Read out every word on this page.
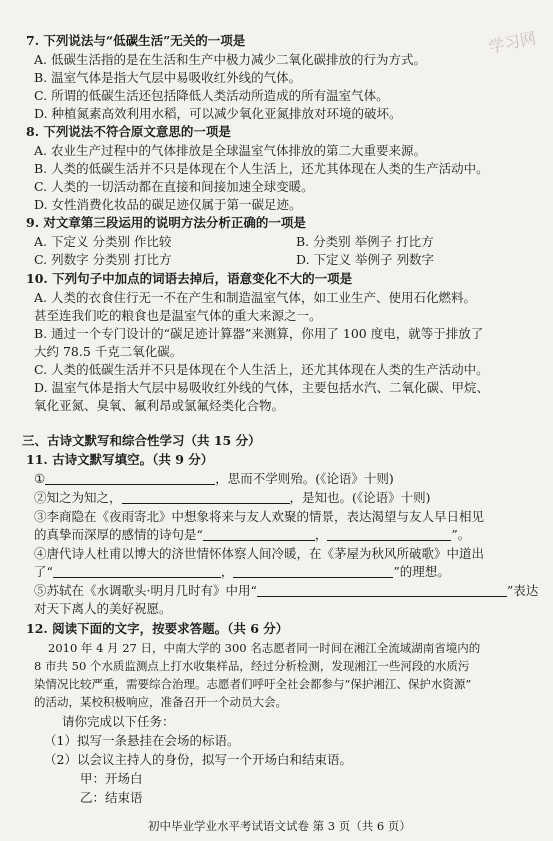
学习网
7. 下列说法与“低碳生活”无关的一项是
A. 低碳生活指的是在生活和生产中极力减少二氧化碳排放的行为方式。
B. 温室气体是指大气层中易吸收红外线的气体。
C. 所谓的低碳生活还包括降低人类活动所造成的所有温室气体。
D. 种植氮素高效利用水稻，可以减少氧化亚氮排放对环境的破坏。
8. 下列说法不符合原文意思的一项是
A. 农业生产过程中的气体排放是全球温室气体排放的第二大重要来源。
B. 人类的低碳生活并不只是体现在个人生活上，还尤其体现在人类的生产活动中。
C. 人类的一切活动都在直接和间接加速全球变暖。
D. 女性消费化妆品的碳足迹仅属于第一碳足迹。
9. 对文章第三段运用的说明方法分析正确的一项是
A. 下定义 分类别 作比较	B. 分类别 举例子 打比方
C. 列数字 分类别 打比方	D. 下定义 举例子 列数字
10. 下列句子中加点的词语去掉后，语意变化不大的一项是
A. 人类的衣食住行无一不在产生和制造温室气体，如工业生产、使用石化燃料。
甚至连我们吃的粮食也是温室气体的重大来源之一。
B. 通过一个专门设计的“碳足迹计算器”来测算，你用了 100 度电，就等于排放了
大约 78.5 千克二氧化碳。
C. 人类的低碳生活并不只是体现在个人生活上，还尤其体现在人类的生产活动中。
D. 温室气体是指大气层中易吸收红外线的气体，主要包括水汽、二氧化碳、甲烷、
氧化亚氮、臭氧、氟利昂或氯氟烃类化合物。
三、古诗文默写和综合性学习（共 15 分）
11. 古诗文默写填空。（共 9 分）
①	，思而不学则殆。(《论语》十则)
②知之为知之，	，是知也。(《论语》十则)
③李商隐在《夜雨寄北》中想象将来与友人欢聚的情景，表达渴望与友人早日相见
的真挚而深厚的感情的诗句是“	，	”。
④唐代诗人杜甫以博大的济世情怀体察人间冷暖，在《茅屋为秋风所破歌》中道出
了“	，	”的理想。
⑤苏轼在《水调歌头·明月几时有》中用“	”表达
对天下离人的美好祝愿。
12. 阅读下面的文字，按要求答题。（共 6 分）
2010 年 4 月 27 日，中南大学的 300 名志愿者同一时间在湘江全流域湖南省境内的
8 市共 50 个水质监测点上打水收集样品，经过分析检测，发现湘江一些河段的水质污
染情况比较严重，需要综合治理。志愿者们呼吁全社会都参与“保护湘江、保护水资源”
的活动，某校积极响应，准备召开一个动员大会。
请你完成以下任务：
（1）拟写一条悬挂在会场的标语。
（2）以会议主持人的身份，拟写一个开场白和结束语。
甲：开场白
乙：结束语
初中毕业学业水平考试语文试卷 第 3 页（共 6 页）
